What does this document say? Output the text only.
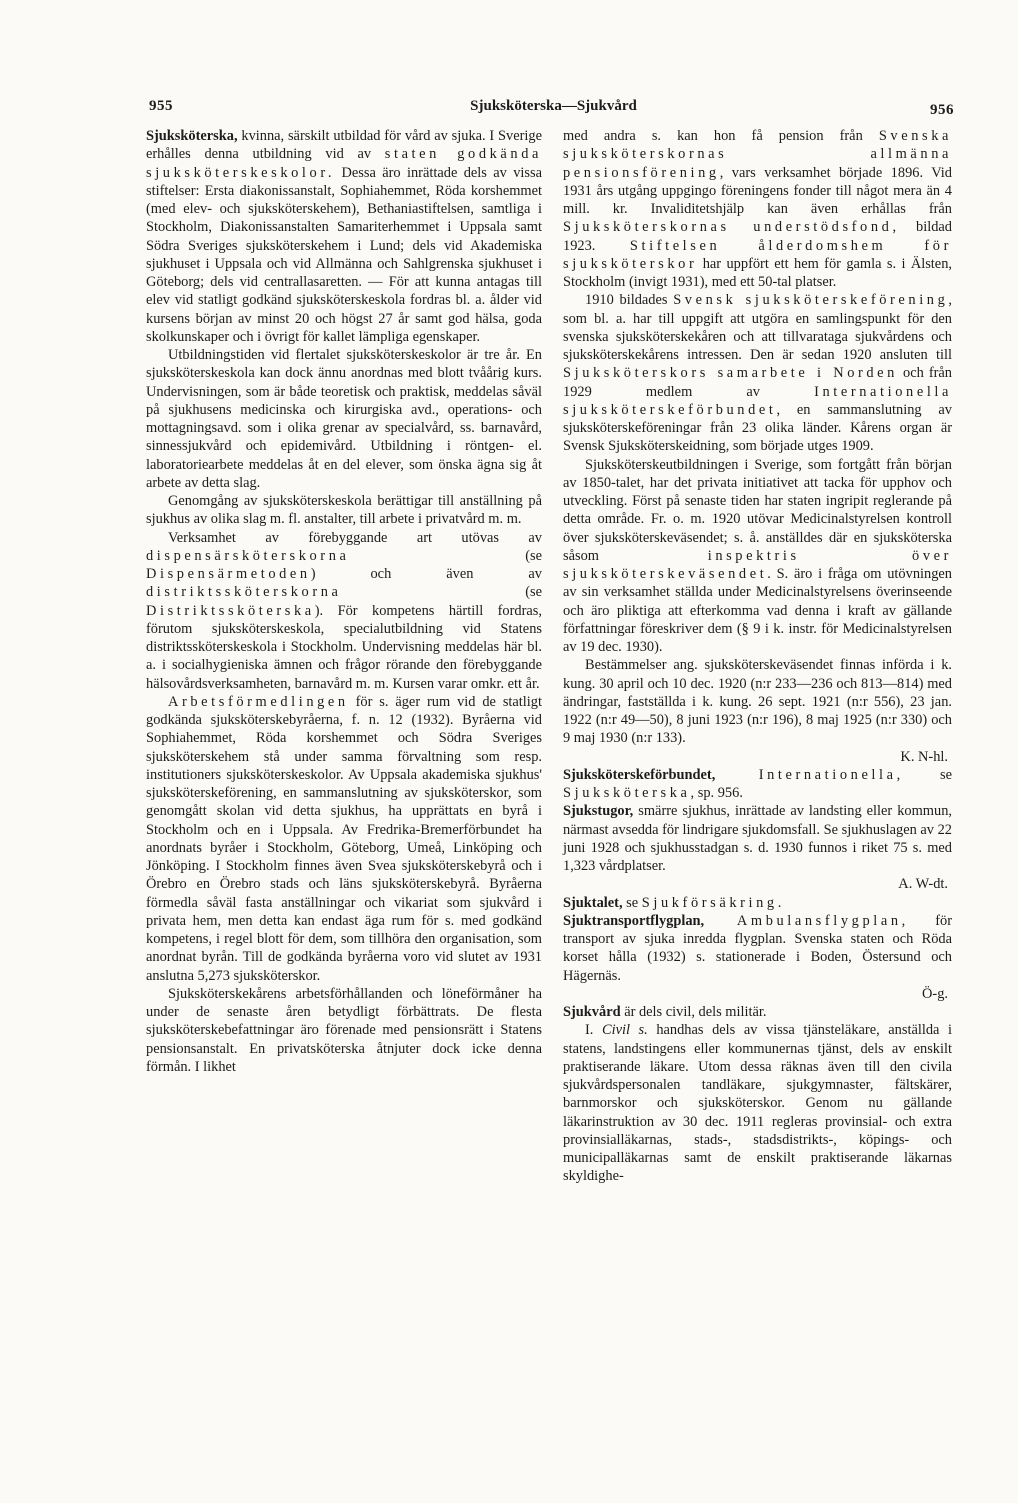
955	Sjuksköterska—Sjukvård	956

Sjuksköterska, kvinna, särskilt utbildad för vård av sjuka. I Sverige erhålles denna utbildning vid av staten godkända sjuksköterskeskolor. Dessa äro inrättade dels av vissa stiftelser: Ersta diakonissanstalt, Sophiahemmet, Röda korshemmet (med elev- och sjuksköterskehem), Bethaniastiftelsen, samtliga i Stockholm, Diakonissanstalten Samariterhemmet i Uppsala samt Södra Sveriges sjuksköterskehem i Lund; dels vid Akademiska sjukhuset i Uppsala och vid Allmänna och Sahlgrenska sjukhuset i Göteborg; dels vid centrallasaretten. — För att kunna antagas till elev vid statligt godkänd sjuksköterskeskola fordras bl. a. ålder vid kursens början av minst 20 och högst 27 år samt god hälsa, goda skolkunskaper och i övrigt för kallet lämpliga egenskaper.

Utbildningstiden vid flertalet sjuksköterskeskolor är tre år. En sjuksköterskeskola kan dock ännu anordnas med blott tvåårig kurs. Undervisningen, som är både teoretisk och praktisk, meddelas såväl på sjukhusens medicinska och kirurgiska avd., operations- och mottagningsavd. som i olika grenar av specialvård, ss. barnavård, sinnessjukvård och epidemivård. Utbildning i röntgen- el. laboratoriearbete meddelas åt en del elever, som önska ägna sig åt arbete av detta slag.

Genomgång av sjuksköterskeskola berättigar till anställning på sjukhus av olika slag m. fl. anstalter, till arbete i privatvård m. m.

Verksamhet av förebyggande art utövas av dispensärsköterskorna (se Dispensärmetoden) och även av distriktssköterskorna (se Distriktssköterska). För kompetens härtill fordras, förutom sjuksköterskeskola, specialutbildning vid Statens distriktssköterskeskola i Stockholm. Undervisning meddelas här bl. a. i socialhygieniska ämnen och frågor rörande den förebyggande hälsovårdsverksamheten, barnavård m. m. Kursen varar omkr. ett år.

Arbetsförmedlingen för s. äger rum vid de statligt godkända sjuksköterskebyråerna, f. n. 12 (1932). Byråerna vid Sophiahemmet, Röda korshemmet och Södra Sveriges sjuksköterskehem stå under samma förvaltning som resp. institutioners sjuksköterskeskolor. Av Uppsala akademiska sjukhus' sjuksköterskeförening, en sammanslutning av sjuksköterskor, som genomgått skolan vid detta sjukhus, ha upprättats en byrå i Stockholm och en i Uppsala. Av Fredrika-Bremerförbundet ha anordnats byråer i Stockholm, Göteborg, Umeå, Linköping och Jönköping. I Stockholm finnes även Svea sjuksköterskebyrå och i Örebro en Örebro stads och läns sjuksköterskebyrå. Byråerna förmedla såväl fasta anställningar och vikariat som sjukvård i privata hem, men detta kan endast äga rum för s. med godkänd kompetens, i regel blott för dem, som tillhöra den organisation, som anordnat byrån. Till de godkända byråerna voro vid slutet av 1931 anslutna 5,273 sjuksköterskor.

Sjuksköterskekårens arbetsförhållanden och löneförmåner ha under de senaste åren betydligt förbättrats. De flesta sjuksköterskebefattningar äro förenade med pensionsrätt i Statens pensionsanstalt. En privatsköterska åtnjuter dock icke denna förmån. I likhet

med andra s. kan hon få pension från Svenska sjuksköterskornas allmänna pensionsförening, vars verksamhet började 1896. Vid 1931 års utgång uppgingo föreningens fonder till något mera än 4 mill. kr. Invaliditetshjälp kan även erhållas från Sjuksköterskornas understödsfond, bildad 1923. Stiftelsen ålderdomshem för sjuksköterskor har uppfört ett hem för gamla s. i Älsten, Stockholm (invigt 1931), med ett 50-tal platser.

1910 bildades Svensk sjuksköterskeförening, som bl. a. har till uppgift att utgöra en samlingspunkt för den svenska sjuksköterskekåren och att tillvarataga sjukvårdens och sjuksköterskekårens intressen. Den är sedan 1920 ansluten till Sjuksköterskors samarbete i Norden och från 1929 medlem av Internationella sjuksköterskeförbundet, en sammanslutning av sjuksköterskeföreningar från 23 olika länder. Kårens organ är Svensk Sjuksköterskeidning, som började utges 1909.

Sjuksköterskeutbildningen i Sverige, som fortgått från början av 1850-talet, har det privata initiativet att tacka för upphov och utveckling. Först på senaste tiden har staten ingripit reglerande på detta område. Fr. o. m. 1920 utövar Medicinalstyrelsen kontroll över sjuksköterskeväsendet; s. å. anställdes där en sjuksköterska såsom inspektris över sjuksköterskeväsendet. S. äro i fråga om utövningen av sin verksamhet ställda under Medicinalstyrelsens överinseende och äro pliktiga att efterkomma vad denna i kraft av gällande författningar föreskriver dem (§ 9 i k. instr. för Medicinalstyrelsen av 19 dec. 1930).

Bestämmelser ang. sjuksköterskeväsendet finnas införda i k. kung. 30 april och 10 dec. 1920 (n:r 233—236 och 813—814) med ändringar, fastställda i k. kung. 26 sept. 1921 (n:r 556), 23 jan. 1922 (n:r 49—50), 8 juni 1923 (n:r 196), 8 maj 1925 (n:r 330) och 9 maj 1930 (n:r 133).
K. N-hl.

Sjuksköterskeförbundet, Internationella, se Sjuksköterska, sp. 956.

Sjukstugor, smärre sjukhus, inrättade av landsting eller kommun, närmast avsedda för lindrigare sjukdomsfall. Se sjukhuslagen av 22 juni 1928 och sjukhusstadgan s. d. 1930 funnos i riket 75 s. med 1,323 vårdplatser.
A. W-dt.

Sjuktalet, se Sjukförsäkring.

Sjuktransportflygplan, Ambulansflygplan, för transport av sjuka inredda flygplan. Svenska staten och Röda korset hålla (1932) s. stationerade i Boden, Östersund och Hägernäs.
Ö-g.

Sjukvård är dels civil, dels militär.

I. Civil s. handhas dels av vissa tjänsteläkare, anställda i statens, landstingens eller kommunernas tjänst, dels av enskilt praktiserande läkare. Utom dessa räknas även till den civila sjukvårdspersonalen tandläkare, sjukgymnaster, fältskärer, barnmorskor och sjuksköterskor. Genom nu gällande läkarinstruktion av 30 dec. 1911 regleras provinsial- och extra provinsialläkarnas, stads-, stadsdistrikts-, köpings- och municipalläkarnas samt de enskilt praktiserande läkarnas skyldighe-
